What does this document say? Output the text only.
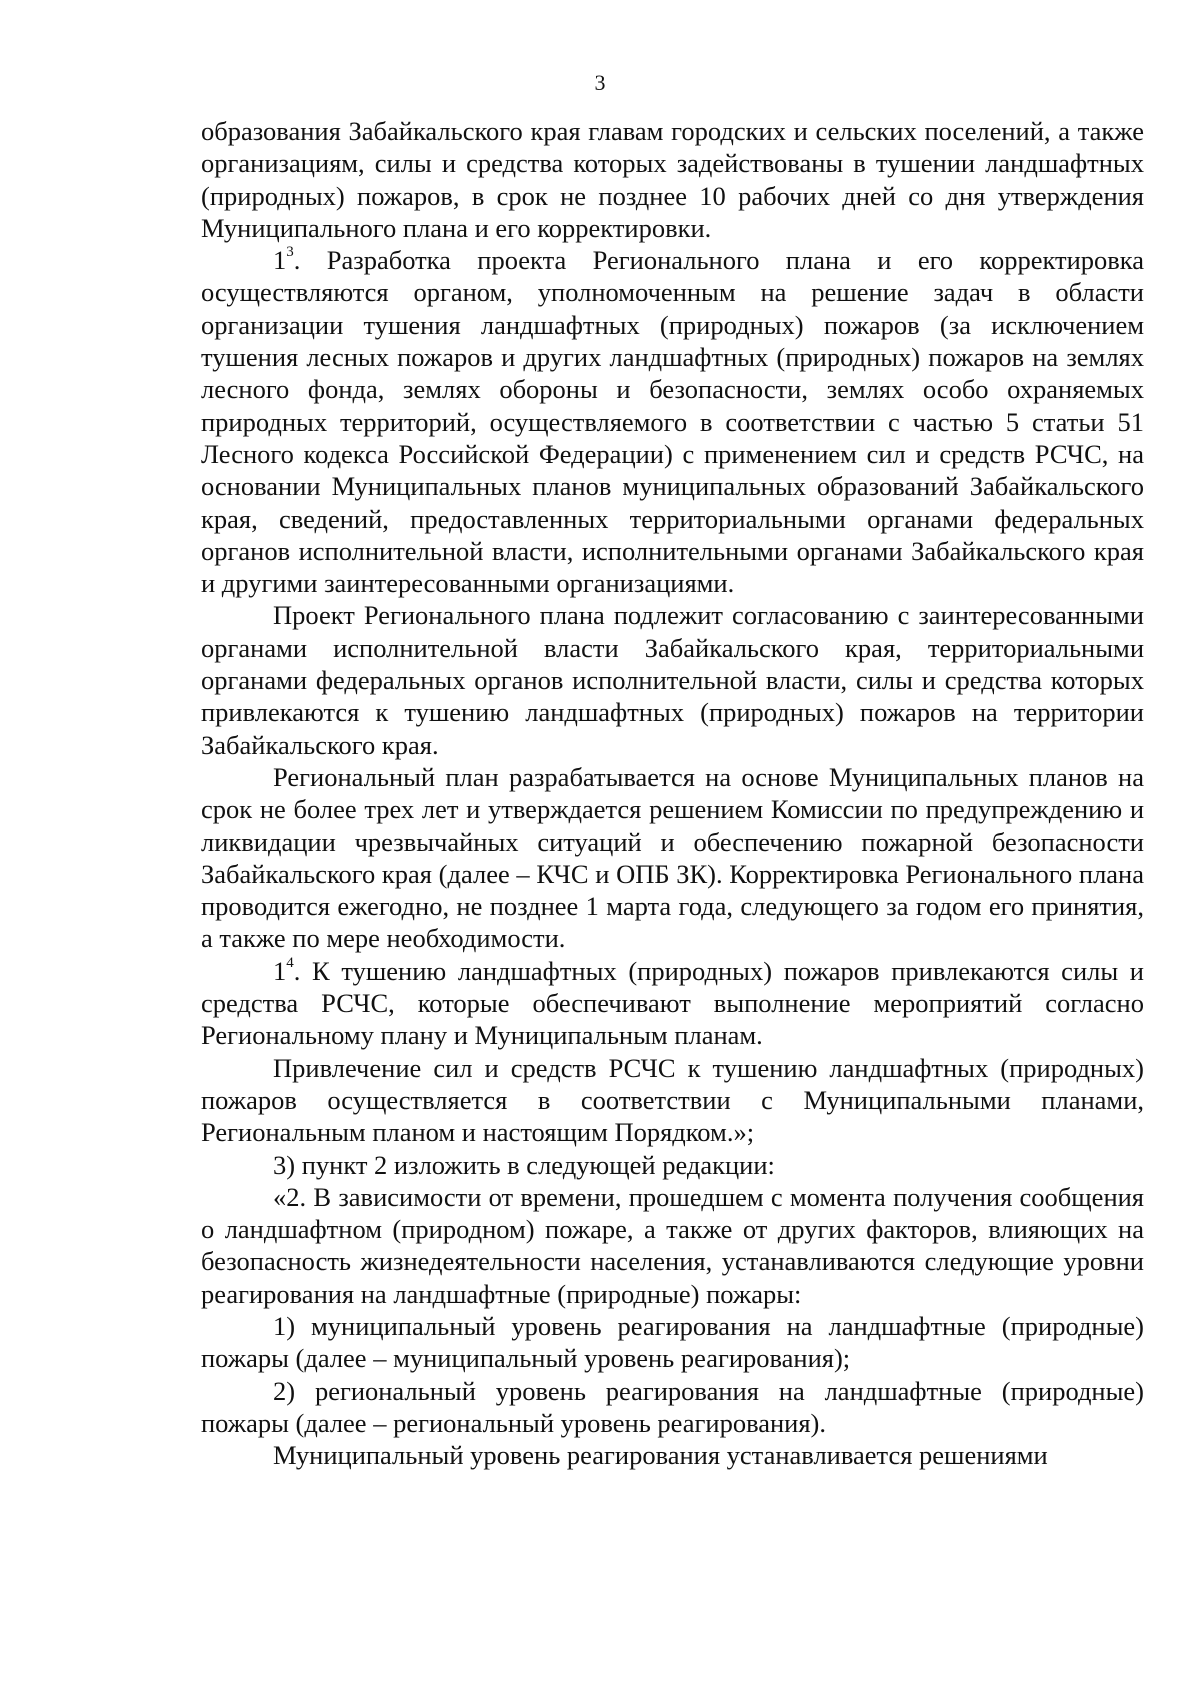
3

образования Забайкальского края главам городских и сельских поселений, а также организациям, силы и средства которых задействованы в тушении ландшафтных (природных) пожаров, в срок не позднее 10 рабочих дней со дня утверждения Муниципального плана и его корректировки.

$1^3$. Разработка проекта Регионального плана и его корректировка осуществляются органом, уполномоченным на решение задач в области организации тушения ландшафтных (природных) пожаров (за исключением тушения лесных пожаров и других ландшафтных (природных) пожаров на землях лесного фонда, землях обороны и безопасности, землях особо охраняемых природных территорий, осуществляемого в соответствии с частью 5 статьи 51 Лесного кодекса Российской Федерации) с применением сил и средств РСЧС, на основании Муниципальных планов муниципальных образований Забайкальского края, сведений, предоставленных территориальными органами федеральных органов исполнительной власти, исполнительными органами Забайкальского края и другими заинтересованными организациями.

Проект Регионального плана подлежит согласованию с заинтересованными органами исполнительной власти Забайкальского края, территориальными органами федеральных органов исполнительной власти, силы и средства которых привлекаются к тушению ландшафтных (природных) пожаров на территории Забайкальского края.

Региональный план разрабатывается на основе Муниципальных планов на срок не более трех лет и утверждается решением Комиссии по предупреждению и ликвидации чрезвычайных ситуаций и обеспечению пожарной безопасности Забайкальского края (далее – КЧС и ОПБ ЗК). Корректировка Регионального плана проводится ежегодно, не позднее 1 марта года, следующего за годом его принятия, а также по мере необходимости.

$1^4$. К тушению ландшафтных (природных) пожаров привлекаются силы и средства РСЧС, которые обеспечивают выполнение мероприятий согласно Региональному плану и Муниципальным планам.

Привлечение сил и средств РСЧС к тушению ландшафтных (природных) пожаров осуществляется в соответствии с Муниципальными планами, Региональным планом и настоящим Порядком.»;

3) пункт 2 изложить в следующей редакции:

«2. В зависимости от времени, прошедшем с момента получения сообщения о ландшафтном (природном) пожаре, а также от других факторов, влияющих на безопасность жизнедеятельности населения, устанавливаются следующие уровни реагирования на ландшафтные (природные) пожары:

1) муниципальный уровень реагирования на ландшафтные (природные) пожары (далее – муниципальный уровень реагирования);

2) региональный уровень реагирования на ландшафтные (природные) пожары (далее – региональный уровень реагирования).

Муниципальный уровень реагирования устанавливается решениями
